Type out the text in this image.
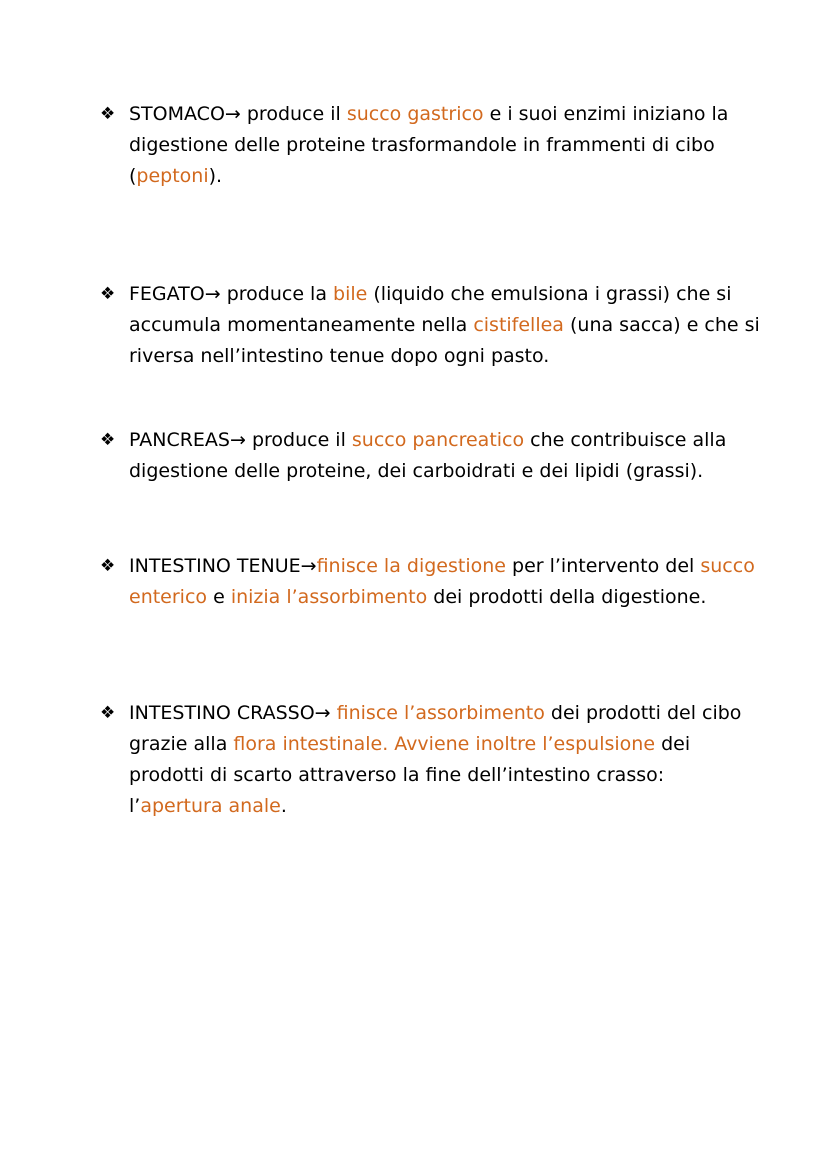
❖ STOMACO→ produce il succo gastrico e i suoi enzimi iniziano la digestione delle proteine trasformandole in frammenti di cibo (peptoni).
❖ FEGATO→ produce la bile (liquido che emulsiona i grassi) che si accumula momentaneamente nella cistifellea (una sacca) e che si riversa nell’intestino tenue dopo ogni pasto.
❖ PANCREAS→ produce il succo pancreatico che contribuisce alla digestione delle proteine, dei carboidrati e dei lipidi (grassi).
❖ INTESTINO TENUE→finisce la digestione per l’intervento del succo enterico e inizia l’assorbimento dei prodotti della digestione.
❖ INTESTINO CRASSO→ finisce l’assorbimento dei prodotti del cibo grazie alla flora intestinale. Avviene inoltre l’espulsione dei prodotti di scarto attraverso la fine dell’intestino crasso: l’apertura anale.
